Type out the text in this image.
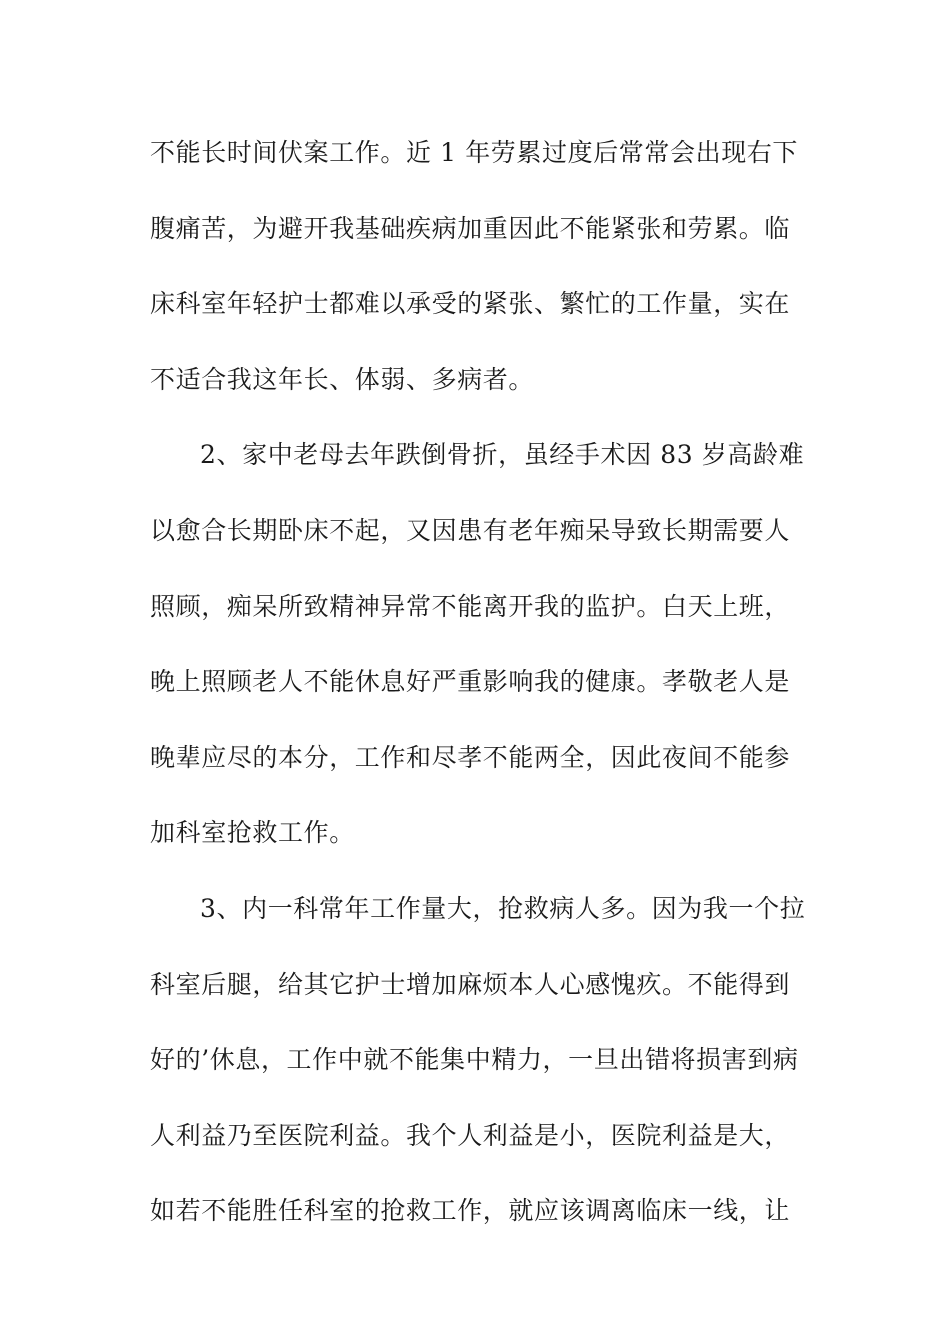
不能长时间伏案工作。近 1 年劳累过度后常常会出现右下
腹痛苦，为避开我基础疾病加重因此不能紧张和劳累。临
床科室年轻护士都难以承受的紧张、繁忙的工作量，实在
不适合我这年长、体弱、多病者。
2、家中老母去年跌倒骨折，虽经手术因 83 岁高龄难
以愈合长期卧床不起，又因患有老年痴呆导致长期需要人
照顾，痴呆所致精神异常不能离开我的监护。白天上班，
晚上照顾老人不能休息好严重影响我的健康。孝敬老人是
晚辈应尽的本分，工作和尽孝不能两全，因此夜间不能参
加科室抢救工作。
3、内一科常年工作量大，抢救病人多。因为我一个拉
科室后腿，给其它护士增加麻烦本人心感愧疚。不能得到
好的’休息，工作中就不能集中精力，一旦出错将损害到病
人利益乃至医院利益。我个人利益是小，医院利益是大，
如若不能胜任科室的抢救工作，就应该调离临床一线，让
